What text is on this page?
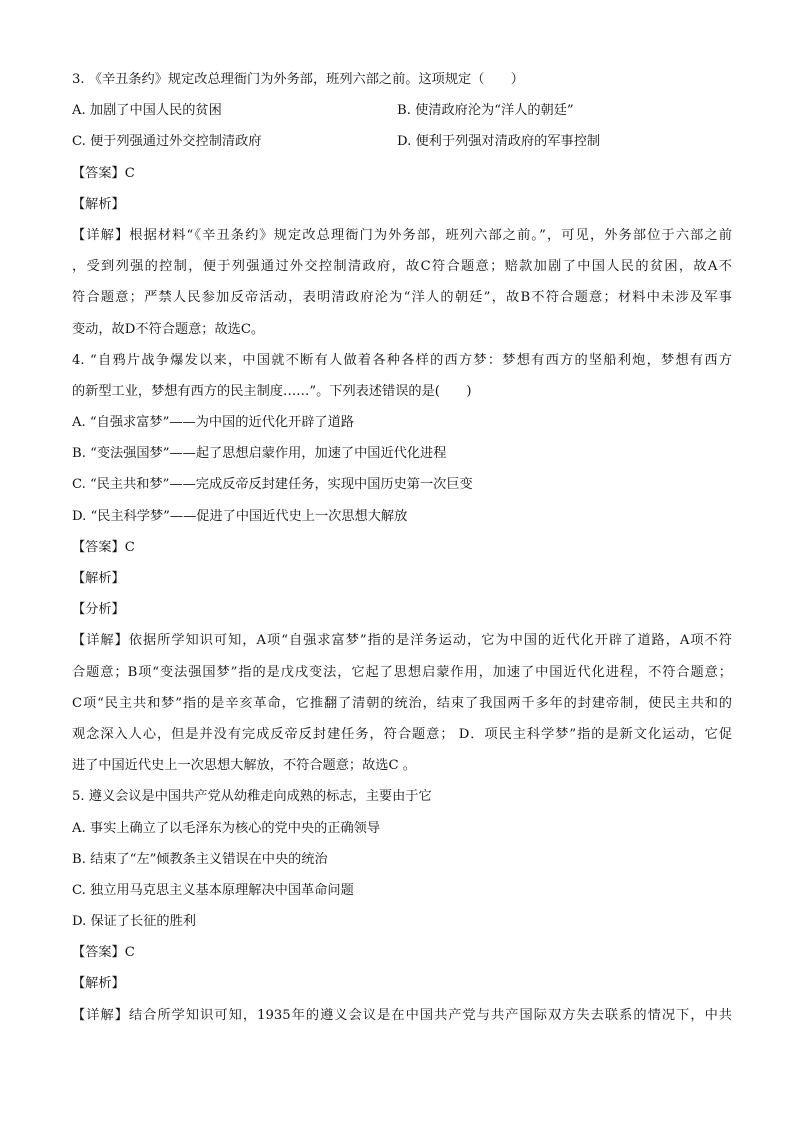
3. 《辛丑条约》规定改总理衙门为外务部，班列六部之前。这项规定（　　）
A. 加剧了中国人民的贫困	B. 使清政府沦为“洋人的朝廷”
C. 便于列强通过外交控制清政府	D. 便利于列强对清政府的军事控制
【答案】C
【解析】
【详解】根据材料“《辛丑条约》规定改总理衙门为外务部，班列六部之前。”，可见，外务部位于六部之前
，受到列强的控制，便于列强通过外交控制清政府，故C符合题意；赔款加剧了中国人民的贫困，故A不
符合题意；严禁人民参加反帝活动，表明清政府沦为“洋人的朝廷”，故B不符合题意；材料中未涉及军事
变动，故D不符合题意；故选C。
4. “自鸦片战争爆发以来，中国就不断有人做着各种各样的西方梦：梦想有西方的坚船利炮，梦想有西方
的新型工业，梦想有西方的民主制度……”。下列表述错误的是(　　)
A. “自强求富梦”——为中国的近代化开辟了道路
B. “变法强国梦”——起了思想启蒙作用，加速了中国近代化进程
C. “民主共和梦”——完成反帝反封建任务，实现中国历史第一次巨变
D. “民主科学梦”——促进了中国近代史上一次思想大解放
【答案】C
【解析】
【分析】
【详解】依据所学知识可知，A项“自强求富梦”指的是洋务运动，它为中国的近代化开辟了道路，A项不符
合题意；B项“变法强国梦”指的是戊戌变法，它起了思想启蒙作用，加速了中国近代化进程，不符合题意；
C项“民主共和梦”指的是辛亥革命，它推翻了清朝的统治，结束了我国两千多年的封建帝制，使民主共和的
观念深入人心，但是并没有完成反帝反封建任务，符合题意； D．项民主科学梦”指的是新文化运动，它促
进了中国近代史上一次思想大解放，不符合题意；故选C 。
5. 遵义会议是中国共产党从幼稚走向成熟的标志，主要由于它
A. 事实上确立了以毛泽东为核心的党中央的正确领导
B. 结束了“左”倾教条主义错误在中央的统治
C. 独立用马克思主义基本原理解决中国革命问题
D. 保证了长征的胜利
【答案】C
【解析】
【详解】结合所学知识可知，1935年的遵义会议是在中国共产党与共产国际双方失去联系的情况下，中共
